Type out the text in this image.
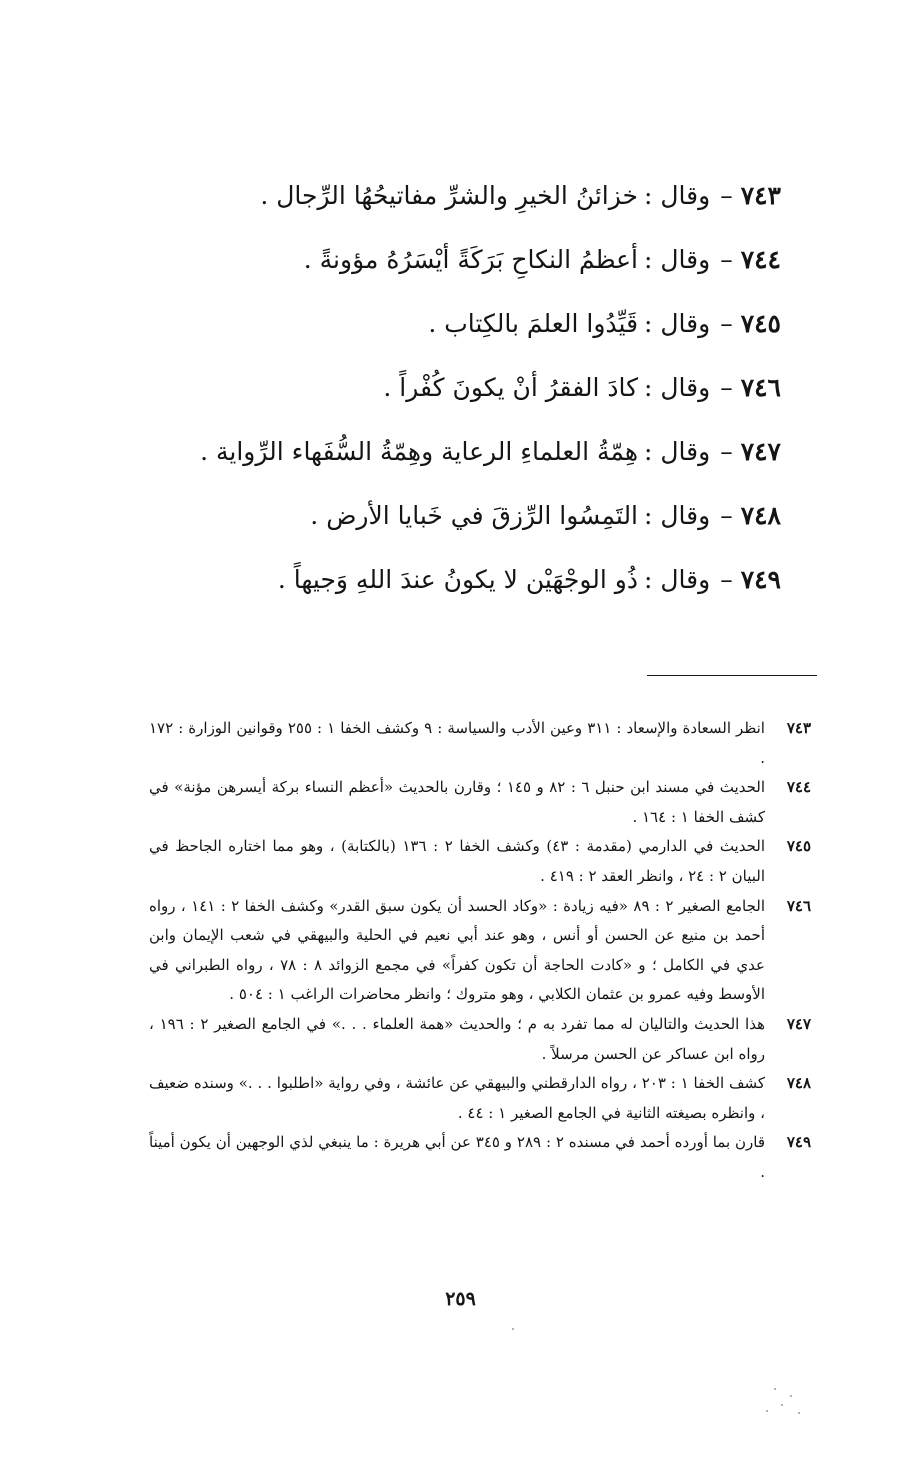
٧٤٣–وقال :خزائنُ الخيرِ والشرِّ مفاتيحُهُا الرِّجال .
٧٤٤–وقال :أعظمُ النكاحِ بَرَكَةً أيْسَرُهُ مؤونةً .
٧٤٥–وقال :قَيِّدُوا العلمَ بالكِتاب .
٧٤٦–وقال :كادَ الفقرُ أنْ يكونَ كُفْراً .
٧٤٧–وقال :هِمّةُ العلماءِ الرعاية وهِمّةُ السُّفَهاء الرِّواية .
٧٤٨–وقال :التَمِسُوا الرِّزقَ في خَبايا الأرض .
٧٤٩–وقال :ذُو الوجْهَيْن لا يكونُ عندَ اللهِ وَجيهاً .
٧٤٣
انظر السعادة والإسعاد : ٣١١ وعين الأدب والسياسة : ٩ وكشف الخفا ١ : ٢٥٥ وقوانين الوزارة : ١٧٢ .
٧٤٤
الحديث في مسند ابن حنبل ٦ : ٨٢ و ١٤٥ ؛ وقارن بالحديث «أعظم النساء بركة أيسرهن مؤنة» في كشف الخفا ١ : ١٦٤ .
٧٤٥
الحديث في الدارمي (مقدمة : ٤٣) وكشف الخفا ٢ : ١٣٦ (بالكتابة) ، وهو مما اختاره الجاحظ في البيان ٢ : ٢٤ ، وانظر العقد ٢ : ٤١٩ .
٧٤٦
الجامع الصغير ٢ : ٨٩ «فيه زيادة : «وكاد الحسد أن يكون سبق القدر» وكشف الخفا ٢ : ١٤١ ، رواه أحمد بن منيع عن الحسن أو أنس ، وهو عند أبي نعيم في الحلية والبيهقي في شعب الإيمان وابن عدي في الكامل ؛ و «كادت الحاجة أن تكون كفراً» في مجمع الزوائد ٨ : ٧٨ ، رواه الطبراني في الأوسط وفيه عمرو بن عثمان الكلابي ، وهو متروك ؛ وانظر محاضرات الراغب ١ : ٥٠٤ .
٧٤٧
هذا الحديث والتاليان له مما تفرد به م ؛ والحديث «همة العلماء . . .» في الجامع الصغير ٢ : ١٩٦ ، رواه ابن عساكر عن الحسن مرسلاً .
٧٤٨
كشف الخفا ١ : ٢٠٣ ، رواه الدارقطني والبيهقي عن عائشة ، وفي رواية «اطلبوا . . .» وسنده ضعيف ، وانظره بصيغته الثانية في الجامع الصغير ١ : ٤٤ .
٧٤٩
قارن بما أورده أحمد في مسنده ٢ : ٢٨٩ و ٣٤٥ عن أبي هريرة : ما ينبغي لذي الوجهين أن يكون أميناً .
٢٥٩
